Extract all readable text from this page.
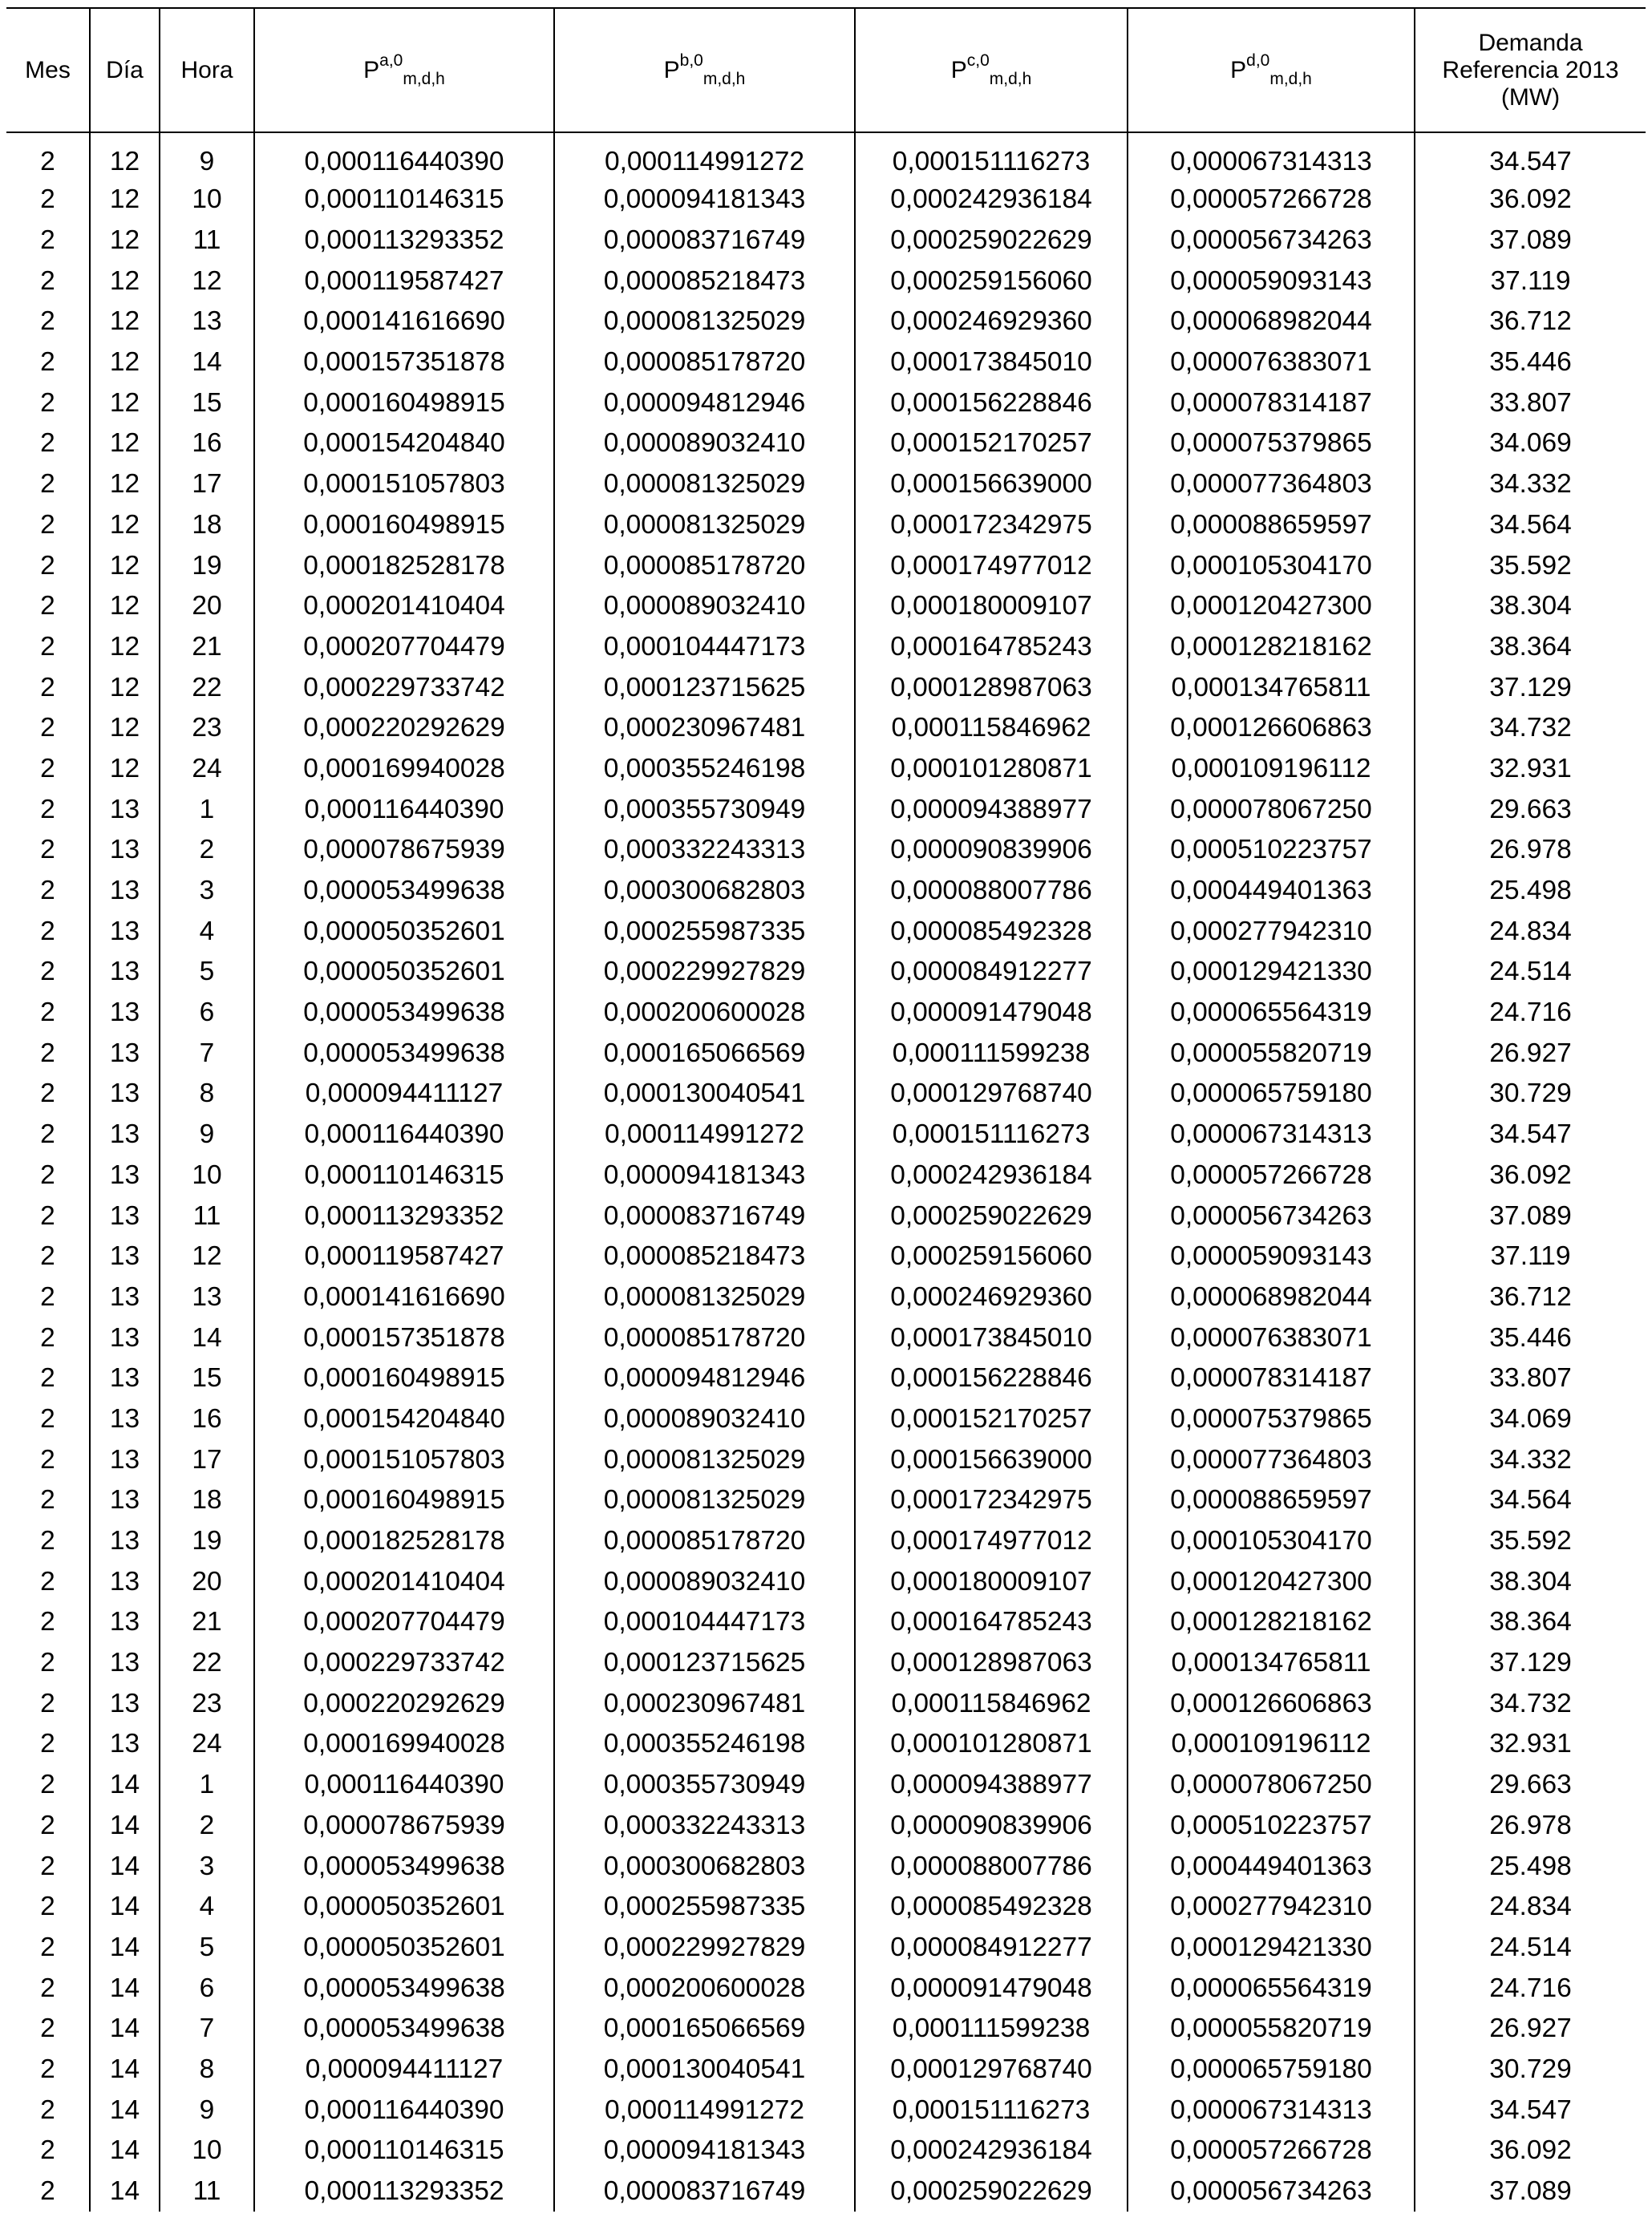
Mes	Día	Hora	P$^{a,0}_{m,d,h}$	P$^{b,0}_{m,d,h}$	P$^{c,0}_{m,d,h}$	P$^{d,0}_{m,d,h}$	Demanda
Referencia 2013
(MW)
2	12	9	0,000116440390	0,000114991272	0,000151116273	0,000067314313	34.547
2	12	10	0,000110146315	0,000094181343	0,000242936184	0,000057266728	36.092
2	12	11	0,000113293352	0,000083716749	0,000259022629	0,000056734263	37.089
2	12	12	0,000119587427	0,000085218473	0,000259156060	0,000059093143	37.119
2	12	13	0,000141616690	0,000081325029	0,000246929360	0,000068982044	36.712
2	12	14	0,000157351878	0,000085178720	0,000173845010	0,000076383071	35.446
2	12	15	0,000160498915	0,000094812946	0,000156228846	0,000078314187	33.807
2	12	16	0,000154204840	0,000089032410	0,000152170257	0,000075379865	34.069
2	12	17	0,000151057803	0,000081325029	0,000156639000	0,000077364803	34.332
2	12	18	0,000160498915	0,000081325029	0,000172342975	0,000088659597	34.564
2	12	19	0,000182528178	0,000085178720	0,000174977012	0,000105304170	35.592
2	12	20	0,000201410404	0,000089032410	0,000180009107	0,000120427300	38.304
2	12	21	0,000207704479	0,000104447173	0,000164785243	0,000128218162	38.364
2	12	22	0,000229733742	0,000123715625	0,000128987063	0,000134765811	37.129
2	12	23	0,000220292629	0,000230967481	0,000115846962	0,000126606863	34.732
2	12	24	0,000169940028	0,000355246198	0,000101280871	0,000109196112	32.931
2	13	1	0,000116440390	0,000355730949	0,000094388977	0,000078067250	29.663
2	13	2	0,000078675939	0,000332243313	0,000090839906	0,000510223757	26.978
2	13	3	0,000053499638	0,000300682803	0,000088007786	0,000449401363	25.498
2	13	4	0,000050352601	0,000255987335	0,000085492328	0,000277942310	24.834
2	13	5	0,000050352601	0,000229927829	0,000084912277	0,000129421330	24.514
2	13	6	0,000053499638	0,000200600028	0,000091479048	0,000065564319	24.716
2	13	7	0,000053499638	0,000165066569	0,000111599238	0,000055820719	26.927
2	13	8	0,000094411127	0,000130040541	0,000129768740	0,000065759180	30.729
2	13	9	0,000116440390	0,000114991272	0,000151116273	0,000067314313	34.547
2	13	10	0,000110146315	0,000094181343	0,000242936184	0,000057266728	36.092
2	13	11	0,000113293352	0,000083716749	0,000259022629	0,000056734263	37.089
2	13	12	0,000119587427	0,000085218473	0,000259156060	0,000059093143	37.119
2	13	13	0,000141616690	0,000081325029	0,000246929360	0,000068982044	36.712
2	13	14	0,000157351878	0,000085178720	0,000173845010	0,000076383071	35.446
2	13	15	0,000160498915	0,000094812946	0,000156228846	0,000078314187	33.807
2	13	16	0,000154204840	0,000089032410	0,000152170257	0,000075379865	34.069
2	13	17	0,000151057803	0,000081325029	0,000156639000	0,000077364803	34.332
2	13	18	0,000160498915	0,000081325029	0,000172342975	0,000088659597	34.564
2	13	19	0,000182528178	0,000085178720	0,000174977012	0,000105304170	35.592
2	13	20	0,000201410404	0,000089032410	0,000180009107	0,000120427300	38.304
2	13	21	0,000207704479	0,000104447173	0,000164785243	0,000128218162	38.364
2	13	22	0,000229733742	0,000123715625	0,000128987063	0,000134765811	37.129
2	13	23	0,000220292629	0,000230967481	0,000115846962	0,000126606863	34.732
2	13	24	0,000169940028	0,000355246198	0,000101280871	0,000109196112	32.931
2	14	1	0,000116440390	0,000355730949	0,000094388977	0,000078067250	29.663
2	14	2	0,000078675939	0,000332243313	0,000090839906	0,000510223757	26.978
2	14	3	0,000053499638	0,000300682803	0,000088007786	0,000449401363	25.498
2	14	4	0,000050352601	0,000255987335	0,000085492328	0,000277942310	24.834
2	14	5	0,000050352601	0,000229927829	0,000084912277	0,000129421330	24.514
2	14	6	0,000053499638	0,000200600028	0,000091479048	0,000065564319	24.716
2	14	7	0,000053499638	0,000165066569	0,000111599238	0,000055820719	26.927
2	14	8	0,000094411127	0,000130040541	0,000129768740	0,000065759180	30.729
2	14	9	0,000116440390	0,000114991272	0,000151116273	0,000067314313	34.547
2	14	10	0,000110146315	0,000094181343	0,000242936184	0,000057266728	36.092
2	14	11	0,000113293352	0,000083716749	0,000259022629	0,000056734263	37.089
